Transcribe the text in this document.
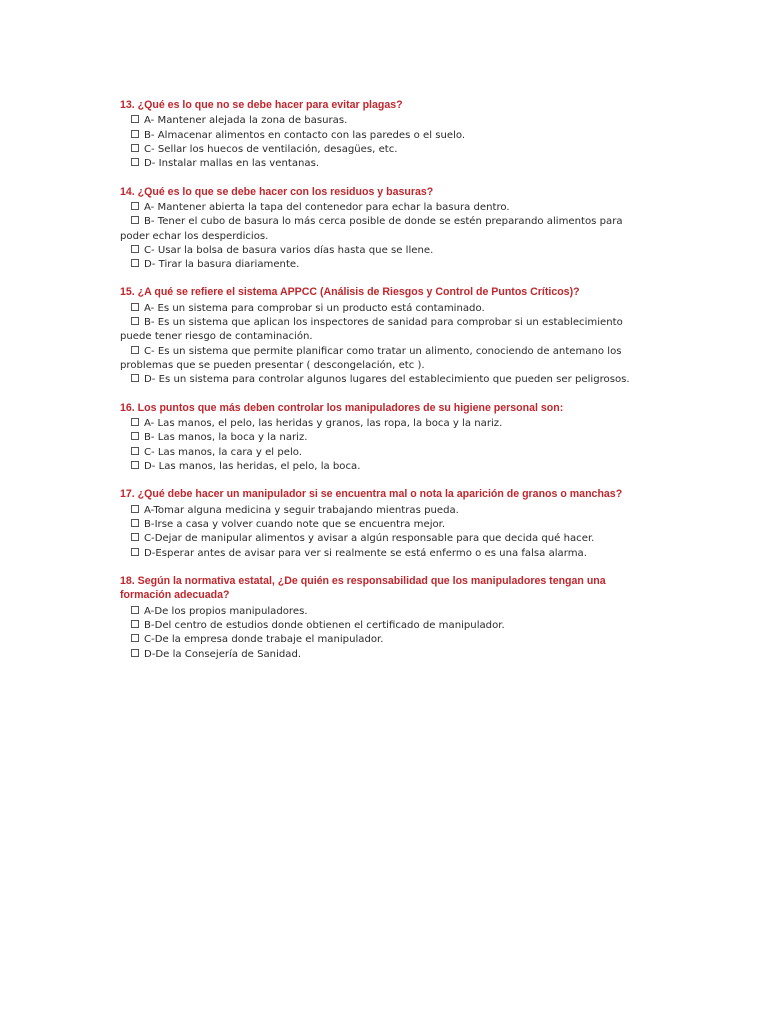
13. ¿Qué es lo que no se debe hacer para evitar plagas?
A- Mantener alejada la zona de basuras.
B- Almacenar alimentos en contacto con las paredes o el suelo.
C- Sellar los huecos de ventilación, desagües, etc.
D- Instalar mallas en las ventanas.
14. ¿Qué es lo que se debe hacer con los residuos y basuras?
A- Mantener abierta la tapa del contenedor para echar la basura dentro.
B- Tener el cubo de basura lo más cerca posible de donde se estén preparando alimentos para poder echar los desperdicios.
C- Usar la bolsa de basura varios días hasta que se llene.
D- Tirar la basura diariamente.
15. ¿A qué se refiere el sistema APPCC (Análisis de Riesgos y Control de Puntos Críticos)?
A- Es un sistema para comprobar si un producto está contaminado.
B- Es un sistema que aplican los inspectores de sanidad para comprobar si un establecimiento puede tener riesgo de contaminación.
C- Es un sistema que permite planificar como tratar un alimento, conociendo de antemano los problemas que se pueden presentar ( descongelación, etc ).
D- Es un sistema para controlar algunos lugares del establecimiento que pueden ser peligrosos.
16. Los puntos que más deben controlar los manipuladores de su higiene personal son:
A- Las manos, el pelo, las heridas y granos, las ropa, la boca y la nariz.
B- Las manos, la boca y la nariz.
C- Las manos, la cara y el pelo.
D- Las manos, las heridas, el pelo, la boca.
17. ¿Qué debe hacer un manipulador si se encuentra mal o nota la aparición de granos o manchas?
A-Tomar alguna medicina y seguir trabajando mientras pueda.
B-Irse a casa y volver cuando note que se encuentra mejor.
C-Dejar de manipular alimentos y avisar a algún responsable para que decida qué hacer.
D-Esperar antes de avisar para ver si realmente se está enfermo o es una falsa alarma.
18. Según la normativa estatal, ¿De quién es responsabilidad que los manipuladores tengan una formación adecuada?
A-De los propios manipuladores.
B-Del centro de estudios donde obtienen el certificado de manipulador.
C-De la empresa donde trabaje el manipulador.
D-De la Consejería de Sanidad.
